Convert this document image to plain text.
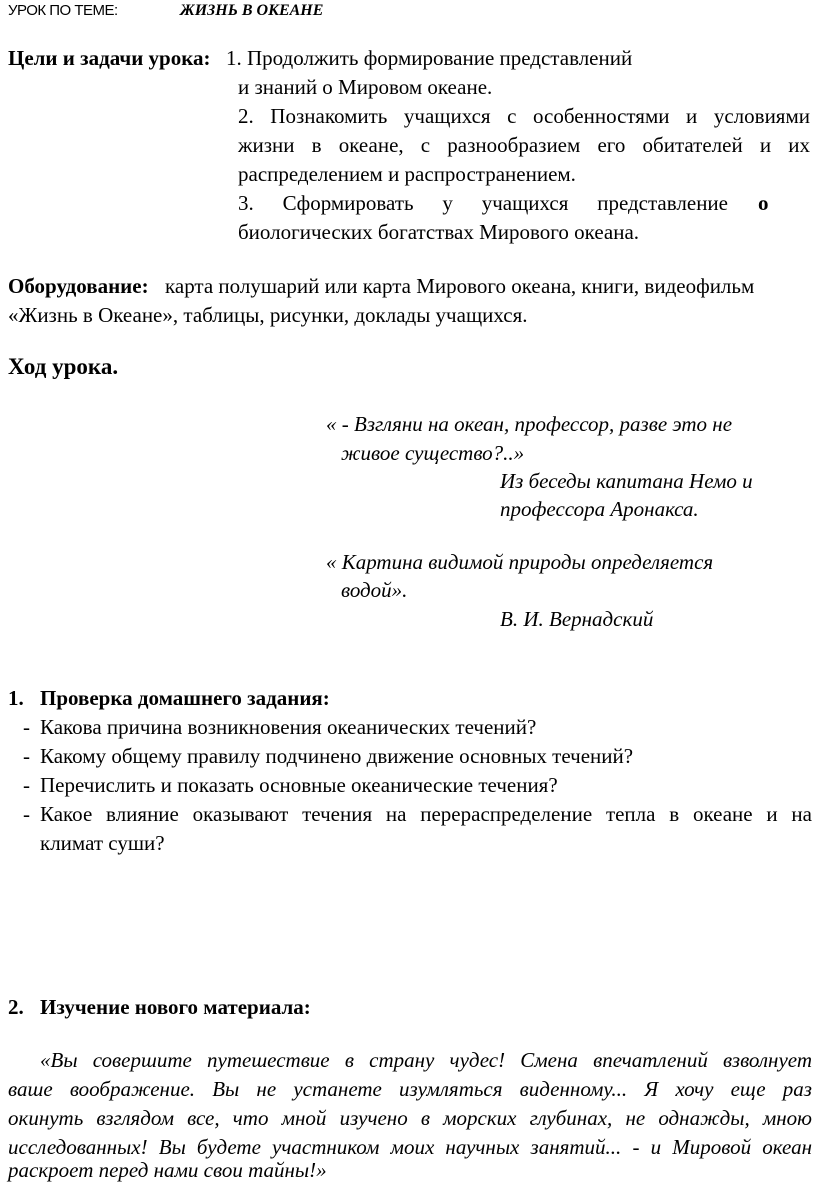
УРОК ПО ТЕМЕ:	ЖИЗНЬ В ОКЕАНЕ
Цели и задачи урока: 1. Продолжить формирование представлений
и знаний о Мировом океане.
2. Познакомить учащихся с особенностями и условиями
жизни в океане, с разнообразием его обитателей и их
распределением и распространением.
3. Сформировать у учащихся представление о
биологических богатствах Мирового океана.
Оборудование: карта полушарий или карта Мирового океана, книги, видеофильм
«Жизнь в Океане», таблицы, рисунки, доклады учащихся.
Ход урока.
« - Взгляни на океан, профессор, разве это не
живое существо?..»
Из беседы капитана Немо и
профессора Аронакса.
« Картина видимой природы определяется
водой».
В. И. Вернадский
1. Проверка домашнего задания:
- Какова причина возникновения океанических течений?
- Какому общему правилу подчинено движение основных течений?
- Перечислить и показать основные океанические течения?
- Какое влияние оказывают течения на перераспределение тепла в океане и на
климат суши?
2. Изучение нового материала:
«Вы совершите путешествие в страну чудес! Смена впечатлений взволнует
ваше воображение. Вы не устанете изумляться виденному... Я хочу еще раз
окинуть взглядом все, что мной изучено в морских глубинах, не однажды, мною
исследованных! Вы будете участником моих научных занятий... - и Мировой океан
раскроет перед нами свои тайны!»
